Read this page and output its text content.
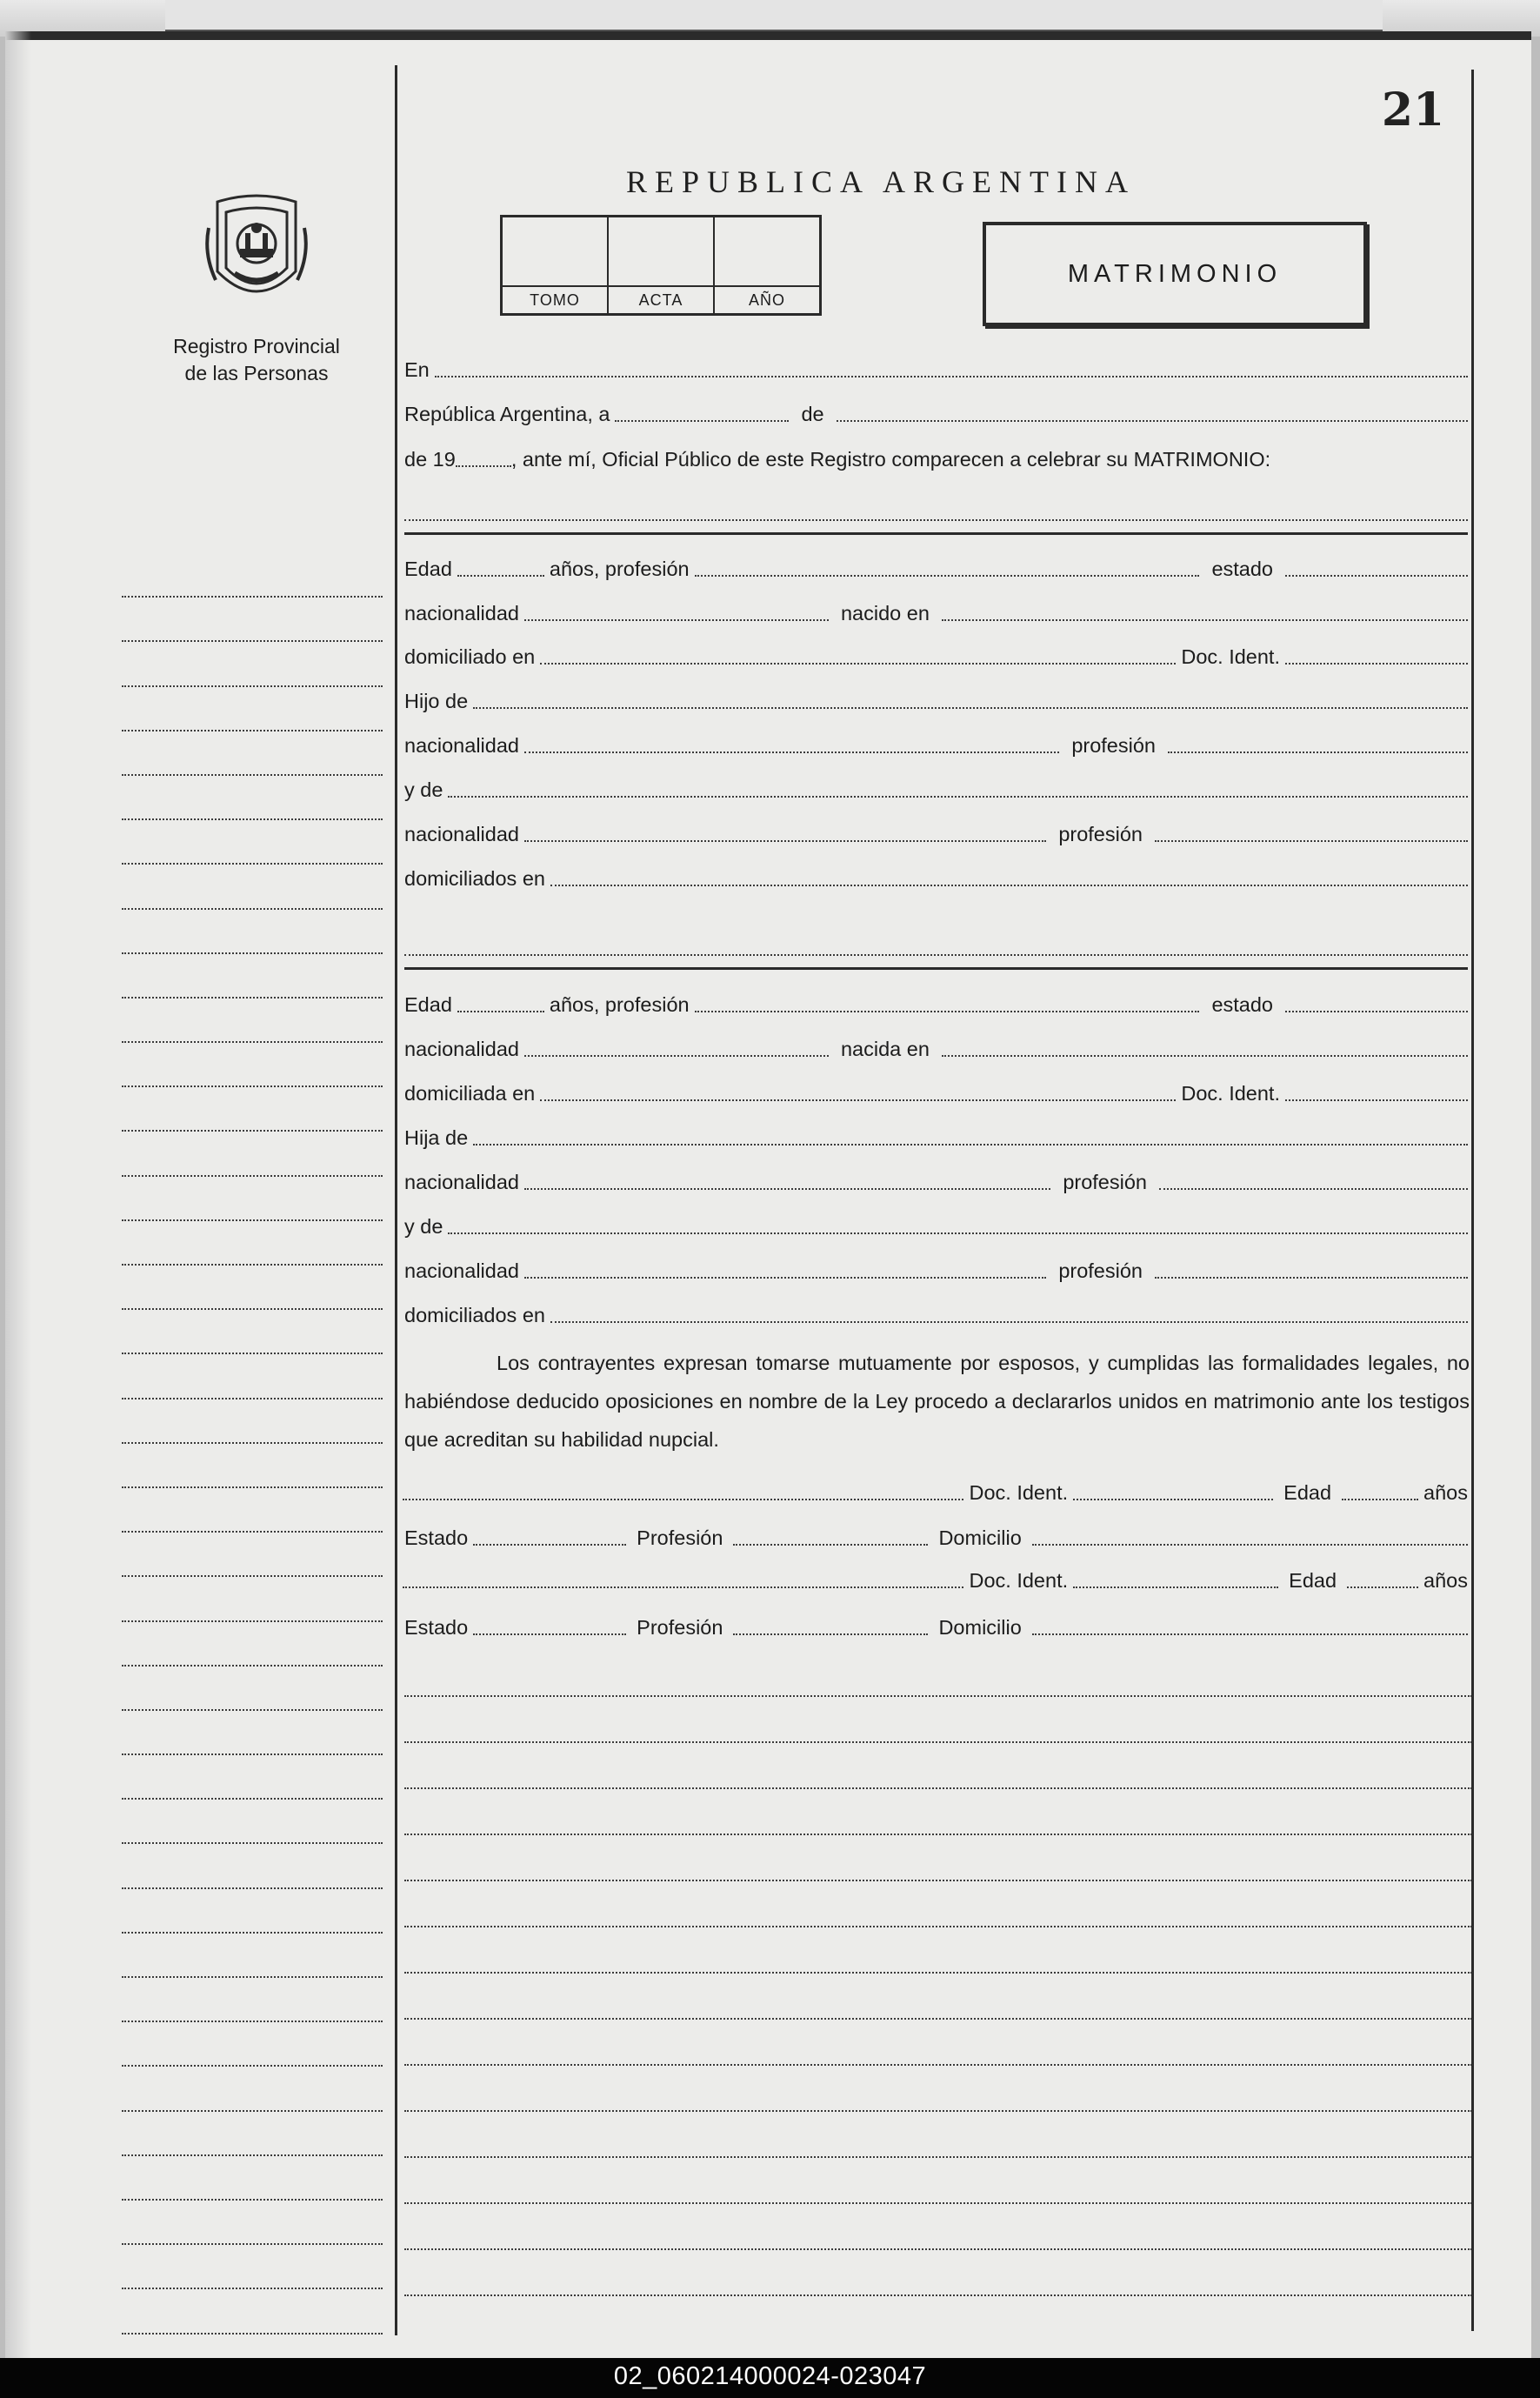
21
REPUBLICA ARGENTINA
TOMO	ACTA	AÑO
MATRIMONIO
Registro Provincial
de las Personas	En
República Argentina, a	de
de 19	, ante mí, Oficial Público de este Registro comparecen a celebrar su MATRIMONIO:
Edad	años, profesión	estado
nacionalidad	nacido en
domiciliado en	Doc. Ident.
Hijo de
nacionalidad	profesión
y de
nacionalidad	profesión
domiciliados en
Edad	años, profesión	estado
nacionalidad	nacida en
domiciliada en	Doc. Ident.
Hija de
nacionalidad	profesión
y de
nacionalidad	profesión
domiciliados en
Los contrayentes expresan tomarse mutuamente por esposos, y cumplidas las formalidades legales, no habiéndose deducido oposiciones en nombre de la Ley procedo a declararlos unidos en matrimonio ante los testigos que acreditan su habilidad nupcial.
Doc. Ident.	Edad	años
Estado	Profesión	Domicilio
Doc. Ident.	Edad	años
Estado	Profesión	Domicilio
02_060214000024-023047
